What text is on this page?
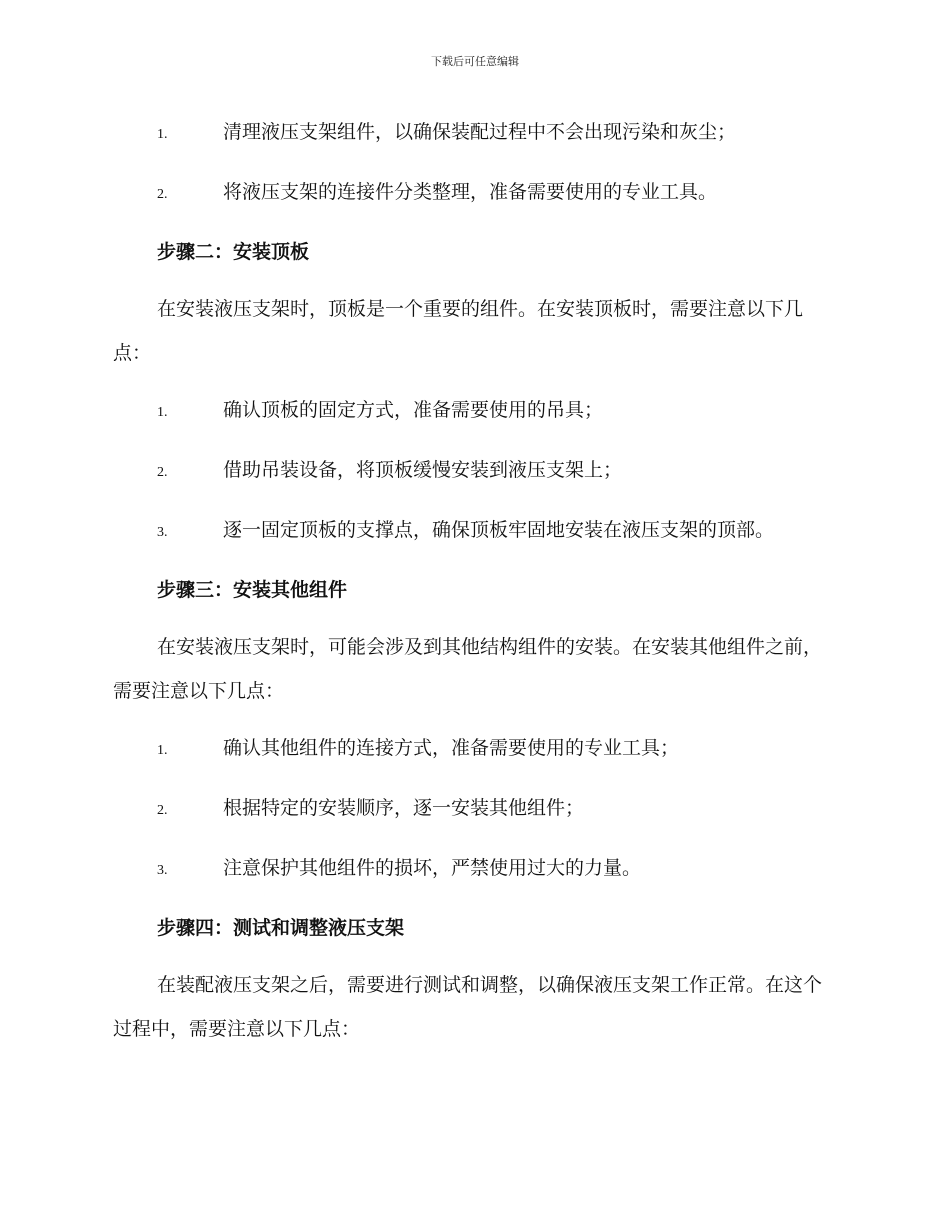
下载后可任意编辑
1.	清理液压支架组件，以确保装配过程中不会出现污染和灰尘；
2.	将液压支架的连接件分类整理，准备需要使用的专业工具。
步骤二：安装顶板
在安装液压支架时，顶板是一个重要的组件。在安装顶板时，需要注意以下几点：
1.	确认顶板的固定方式，准备需要使用的吊具；
2.	借助吊装设备，将顶板缓慢安装到液压支架上；
3.	逐一固定顶板的支撑点，确保顶板牢固地安装在液压支架的顶部。
步骤三：安装其他组件
在安装液压支架时，可能会涉及到其他结构组件的安装。在安装其他组件之前，需要注意以下几点：
1.	确认其他组件的连接方式，准备需要使用的专业工具；
2.	根据特定的安装顺序，逐一安装其他组件；
3.	注意保护其他组件的损坏，严禁使用过大的力量。
步骤四：测试和调整液压支架
在装配液压支架之后，需要进行测试和调整，以确保液压支架工作正常。在这个过程中，需要注意以下几点：
